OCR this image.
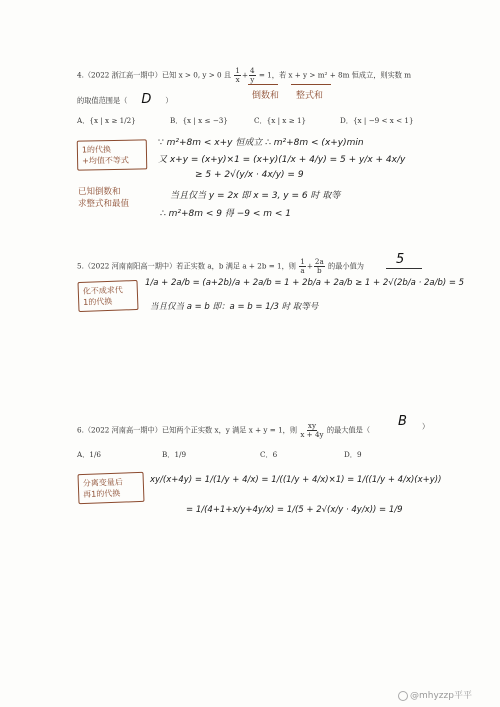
4.（2022 浙江高一期中）已知 x > 0, y > 0 且 $\frac{1}{x} + \frac{4}{y} = 1$，若 x + y > m² + 8m 恒成立，则实数 m
倒数和 整式和
的取值范围是（ D ）
A．{x | x ≥ 1/2}	B．{x | x ≤ −3}	C．{x | x ≥ 1}	D．{x | −9 < x < 1}
1的代换
+均值不等式
已知倒数和
求整式和最值
∵ m²+8m < x+y 恒成立 ∴ m²+8m < (x+y)min
又 x+y = (x+y)×1 = (x+y)(1/x + 4/y) = 5 + y/x + 4x/y
≥ 5 + 2√(y/x · 4x/y) = 9
当且仅当 y = 2x 即 x = 3, y = 6 时 取等
∴ m²+8m < 9 得 −9 < m < 1
5.（2022 河南南阳高一期中）若正实数 a，b 满足 a + 2b = 1，则 $\frac{1}{a} + \frac{2a}{b}$ 的最小值为 5
化不成求代
1的代换
1/a + 2a/b = (a+2b)/a + 2a/b = 1 + 2b/a + 2a/b ≥ 1 + 2√(2b/a · 2a/b) = 5
当且仅当 a = b 即：a = b = 1/3 时 取等号
6.（2022 河南高一期中）已知两个正实数 x，y 满足 x + y = 1，则 $\frac{xy}{x + 4y}$ 的最大值是（
B ）
A．1/6	B．1/9	C．6	D．9
分离变量后
再1的代换
xy/(x+4y) = 1/(1/y + 4/x) = 1/((1/y + 4/x)×1) = 1/((1/y + 4/x)(x+y))
= 1/(4+1+x/y+4y/x) = 1/(5 + 2√(x/y · 4y/x)) = 1/9
@mhyzzp平平
